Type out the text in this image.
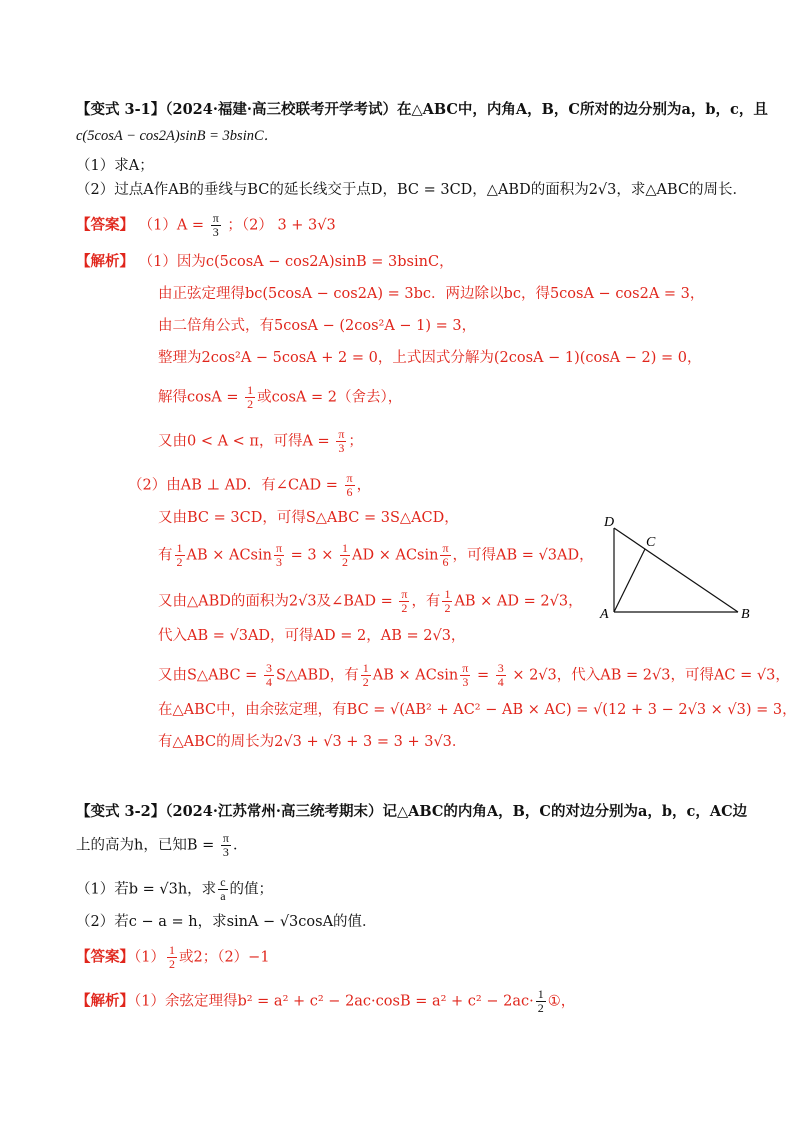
【变式 3-1】（2024·福建·高三校联考开学考试）在△ABC中，内角A，B，C所对的边分别为a，b，c，且
c(5cosA − cos2A)sinB = 3bsinC．
（1）求A；
（2）过点A作AB的垂线与BC的延长线交于点D，BC = 3CD，△ABD的面积为2√3，求△ABC的周长．
【答案】 $(1)A = \frac{\pi}{3}$ ；（2） 3 + 3√3
【解析】 （1）因为c(5cosA − cos2A)sinB = 3bsinC，
由正弦定理得bc(5cosA − cos2A) = 3bc．两边除以bc，得5cosA − cos2A = 3，
由二倍角公式，有5cosA − (2cos²A − 1) = 3，
整理为2cos²A − 5cosA + 2 = 0，上式因式分解为(2cosA − 1)(cosA − 2) = 0，
解得$\cos A = \frac{1}{2}$ 或cosA = 2（舍去），
又由0 < A < π，可得$A = \frac{\pi}{3}$ ；
（2）由AB ⊥ AD．有∠CAD = $\frac{\pi}{6}$ ，
又由BC = 3CD，可得S△ABC = 3S△ACD，
有 $\frac{1}{2}$ AB × ACsin $\frac{\pi}{3} = 3 \times \frac{1}{2}$ AD × ACsin $\frac{\pi}{6}$ ，可得AB = √3AD，
又由△ABD的面积为2√3及∠BAD = $\frac{\pi}{2}$ ，有 $\frac{1}{2}$ AB × AD = 2√3，
代入AB = √3AD，可得AD = 2，AB = 2√3，
又由S△ABC = $\frac{3}{4}$ S△ABD，有 $\frac{1}{2}$ AB × ACsin $\frac{\pi}{3} = \frac{3}{4} \times 2√3$，代入AB = 2√3，可得AC = √3，
在△ABC中，由余弦定理，有BC = √(AB² + AC² − AB × AC) = √(12 + 3 − 2√3 × √3) = 3，
有△ABC的周长为2√3 + √3 + 3 = 3 + 3√3．
D
C
A	B
【变式 3-2】（2024·江苏常州·高三统考期末）记△ABC的内角A，B，C的对边分别为a，b，c，AC边
上的高为h，已知$B = \frac{\pi}{3}$ ．
（1）若b = √3h，求 $\frac{c}{a}$ 的值；
（2）若c − a = h，求sinA − √3cosA的值．
【答案】$(1) \frac{1}{2}$ 或2；（2）−1
【解析】（1）余弦定理得$b^2 = a^2 + c^2 - 2ac\cdot\cos B = a^2 + c^2 - 2ac\cdot \frac{1}{2}$ ①，
